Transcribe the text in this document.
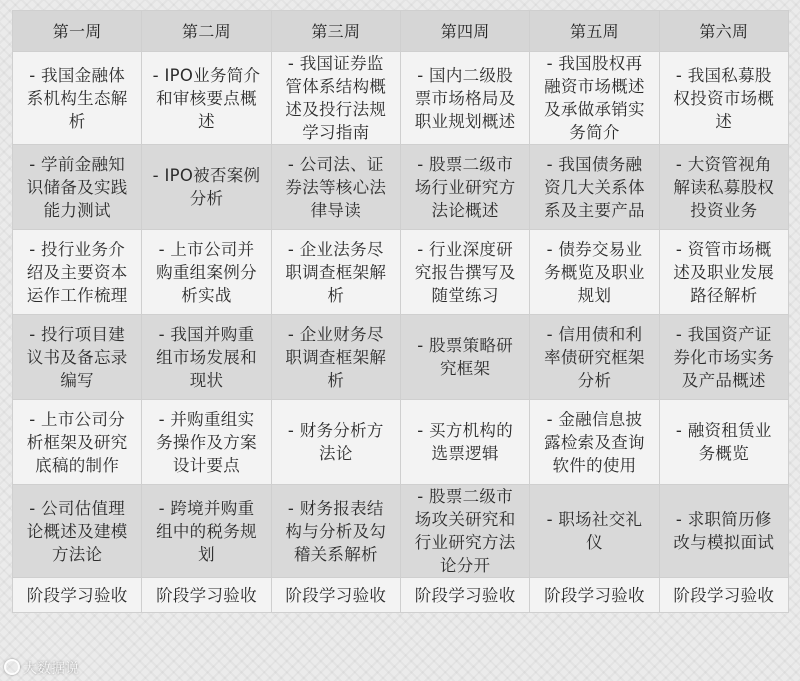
第一周	第二周	第三周	第四周	第五周	第六周
- 我国金融体系机构生态解析	- IPO业务简介和审核要点概述	- 我国证券监管体系结构概述及投行法规学习指南	- 国内二级股票市场格局及职业规划概述	- 我国股权再融资市场概述及承做承销实务简介	- 我国私募股权投资市场概述
- 学前金融知识储备及实践能力测试	- IPO被否案例分析	- 公司法、证券法等核心法律导读	- 股票二级市场行业研究方法论概述	- 我国债务融资几大关系体系及主要产品	- 大资管视角解读私募股权投资业务
- 投行业务介绍及主要资本运作工作梳理	- 上市公司并购重组案例分析实战	- 企业法务尽职调查框架解析	- 行业深度研究报告撰写及随堂练习	- 债券交易业务概览及职业规划	- 资管市场概述及职业发展路径解析
- 投行项目建议书及备忘录编写	- 我国并购重组市场发展和现状	- 企业财务尽职调查框架解析	- 股票策略研究框架	- 信用债和利率债研究框架分析	- 我国资产证券化市场实务及产品概述
- 上市公司分析框架及研究底稿的制作	- 并购重组实务操作及方案设计要点	- 财务分析方法论	- 买方机构的选票逻辑	- 金融信息披露检索及查询软件的使用	- 融资租赁业务概览
- 公司估值理论概述及建模方法论	- 跨境并购重组中的税务规划	- 财务报表结构与分析及勾稽关系解析	- 股票二级市场攻关研究和行业研究方法论分开	- 职场社交礼仪	- 求职简历修改与模拟面试
阶段学习验收	阶段学习验收	阶段学习验收	阶段学习验收	阶段学习验收	阶段学习验收
大数据说
